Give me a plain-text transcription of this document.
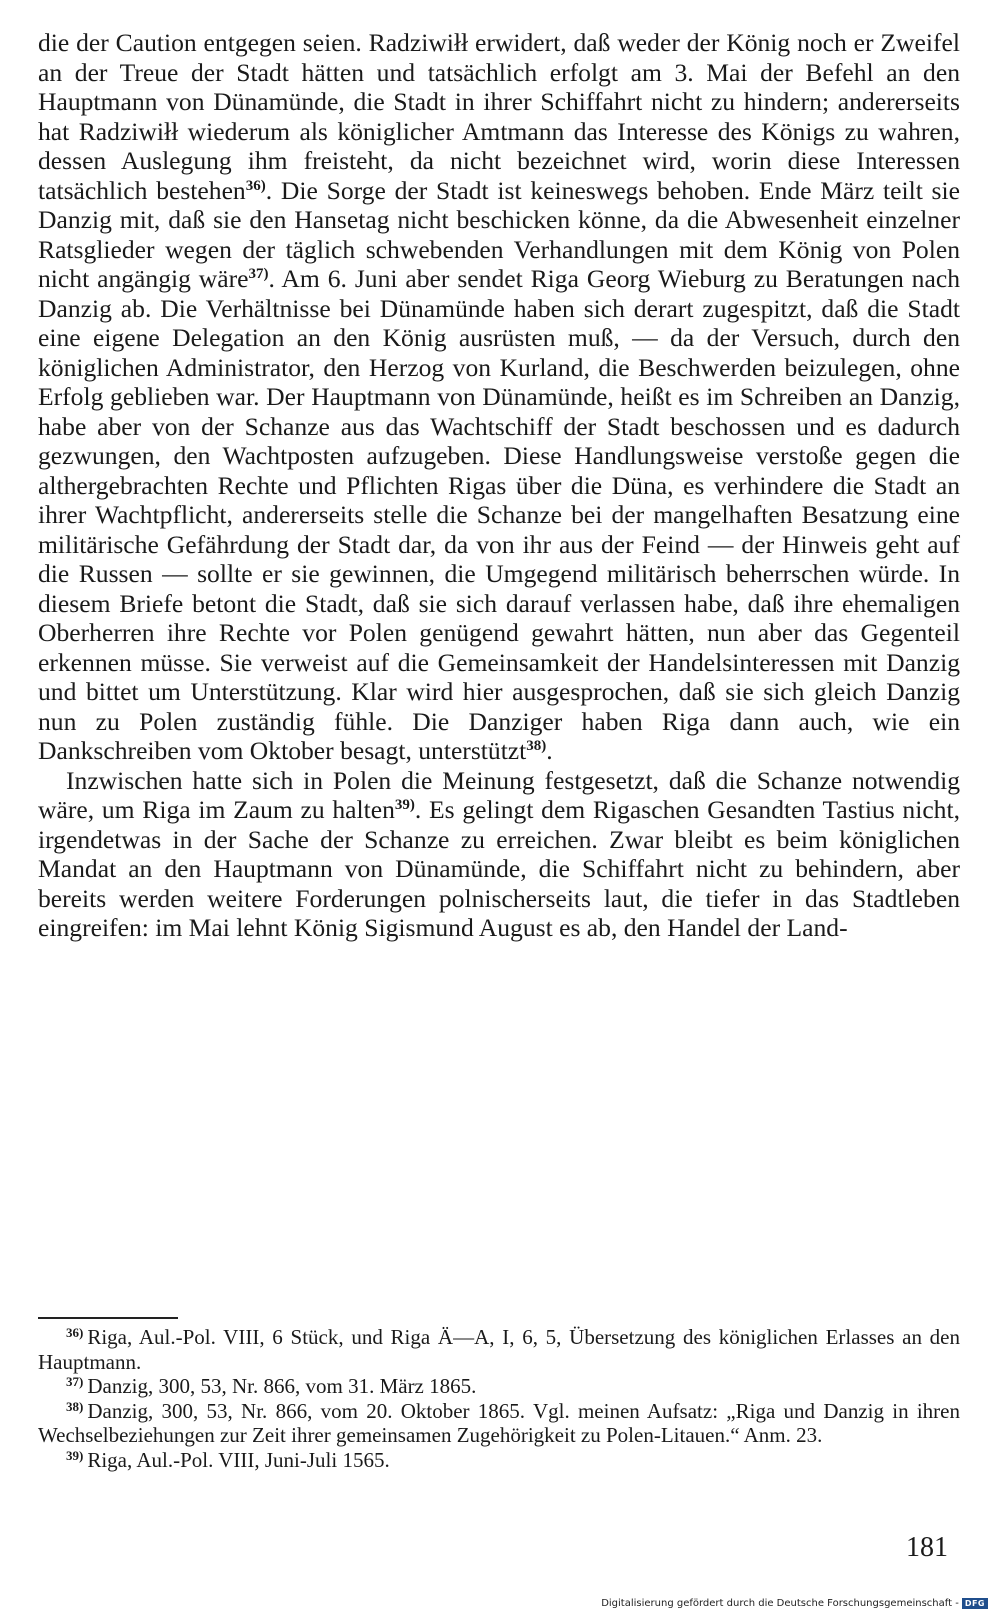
die der Caution entgegen seien. Radziwiłł erwidert, daß weder der König noch er Zweifel an der Treue der Stadt hätten und tatsächlich erfolgt am 3. Mai der Befehl an den Hauptmann von Dünamünde, die Stadt in ihrer Schiffahrt nicht zu hindern; andererseits hat Radziwiłł wiederum als königlicher Amtmann das Interesse des Königs zu wahren, dessen Auslegung ihm freisteht, da nicht bezeichnet wird, worin diese Interessen tatsächlich bestehen$^{36)}$. Die Sorge der Stadt ist keineswegs behoben. Ende März teilt sie Danzig mit, daß sie den Hansetag nicht beschicken könne, da die Abwesenheit einzelner Ratsglieder wegen der täglich schwebenden Verhandlungen mit dem König von Polen nicht angängig wäre$^{37)}$. Am 6. Juni aber sendet Riga Georg Wieburg zu Beratungen nach Danzig ab. Die Verhältnisse bei Dünamünde haben sich derart zugespitzt, daß die Stadt eine eigene Delegation an den König ausrüsten muß, — da der Versuch, durch den königlichen Administrator, den Herzog von Kurland, die Beschwerden beizulegen, ohne Erfolg geblieben war. Der Hauptmann von Dünamünde, heißt es im Schreiben an Danzig, habe aber von der Schanze aus das Wachtschiff der Stadt beschossen und es dadurch gezwungen, den Wachtposten aufzugeben. Diese Handlungsweise verstoße gegen die althergebrachten Rechte und Pflichten Rigas über die Düna, es verhindere die Stadt an ihrer Wachtpflicht, andererseits stelle die Schanze bei der mangelhaften Besatzung eine militärische Gefährdung der Stadt dar, da von ihr aus der Feind — der Hinweis geht auf die Russen — sollte er sie gewinnen, die Umgegend militärisch beherrschen würde. In diesem Briefe betont die Stadt, daß sie sich darauf verlassen habe, daß ihre ehemaligen Oberherren ihre Rechte vor Polen genügend gewahrt hätten, nun aber das Gegenteil erkennen müsse. Sie verweist auf die Gemeinsamkeit der Handelsinteressen mit Danzig und bittet um Unterstützung. Klar wird hier ausgesprochen, daß sie sich gleich Danzig nun zu Polen zuständig fühle. Die Danziger haben Riga dann auch, wie ein Dankschreiben vom Oktober besagt, unterstützt$^{38)}$.

Inzwischen hatte sich in Polen die Meinung festgesetzt, daß die Schanze notwendig wäre, um Riga im Zaum zu halten$^{39)}$. Es gelingt dem Rigaschen Gesandten Tastius nicht, irgendetwas in der Sache der Schanze zu erreichen. Zwar bleibt es beim königlichen Mandat an den Hauptmann von Dünamünde, die Schiffahrt nicht zu behindern, aber bereits werden weitere Forderungen polnischerseits laut, die tiefer in das Stadtleben eingreifen: im Mai lehnt König Sigismund August es ab, den Handel der Land-

$^{36)}$ Riga, Aul.-Pol. VIII, 6 Stück, und Riga Ä—A, I, 6, 5, Übersetzung des königlichen Erlasses an den Hauptmann.

$^{37)}$ Danzig, 300, 53, Nr. 866, vom 31. März 1865.

$^{38)}$ Danzig, 300, 53, Nr. 866, vom 20. Oktober 1865. Vgl. meinen Aufsatz: „Riga und Danzig in ihren Wechselbeziehungen zur Zeit ihrer gemeinsamen Zugehörigkeit zu Polen-Litauen.“ Anm. 23.

$^{39)}$ Riga, Aul.-Pol. VIII, Juni-Juli 1565.

181
Digitalisierung gefördert durch die Deutsche Forschungsgemeinschaft - DFG
